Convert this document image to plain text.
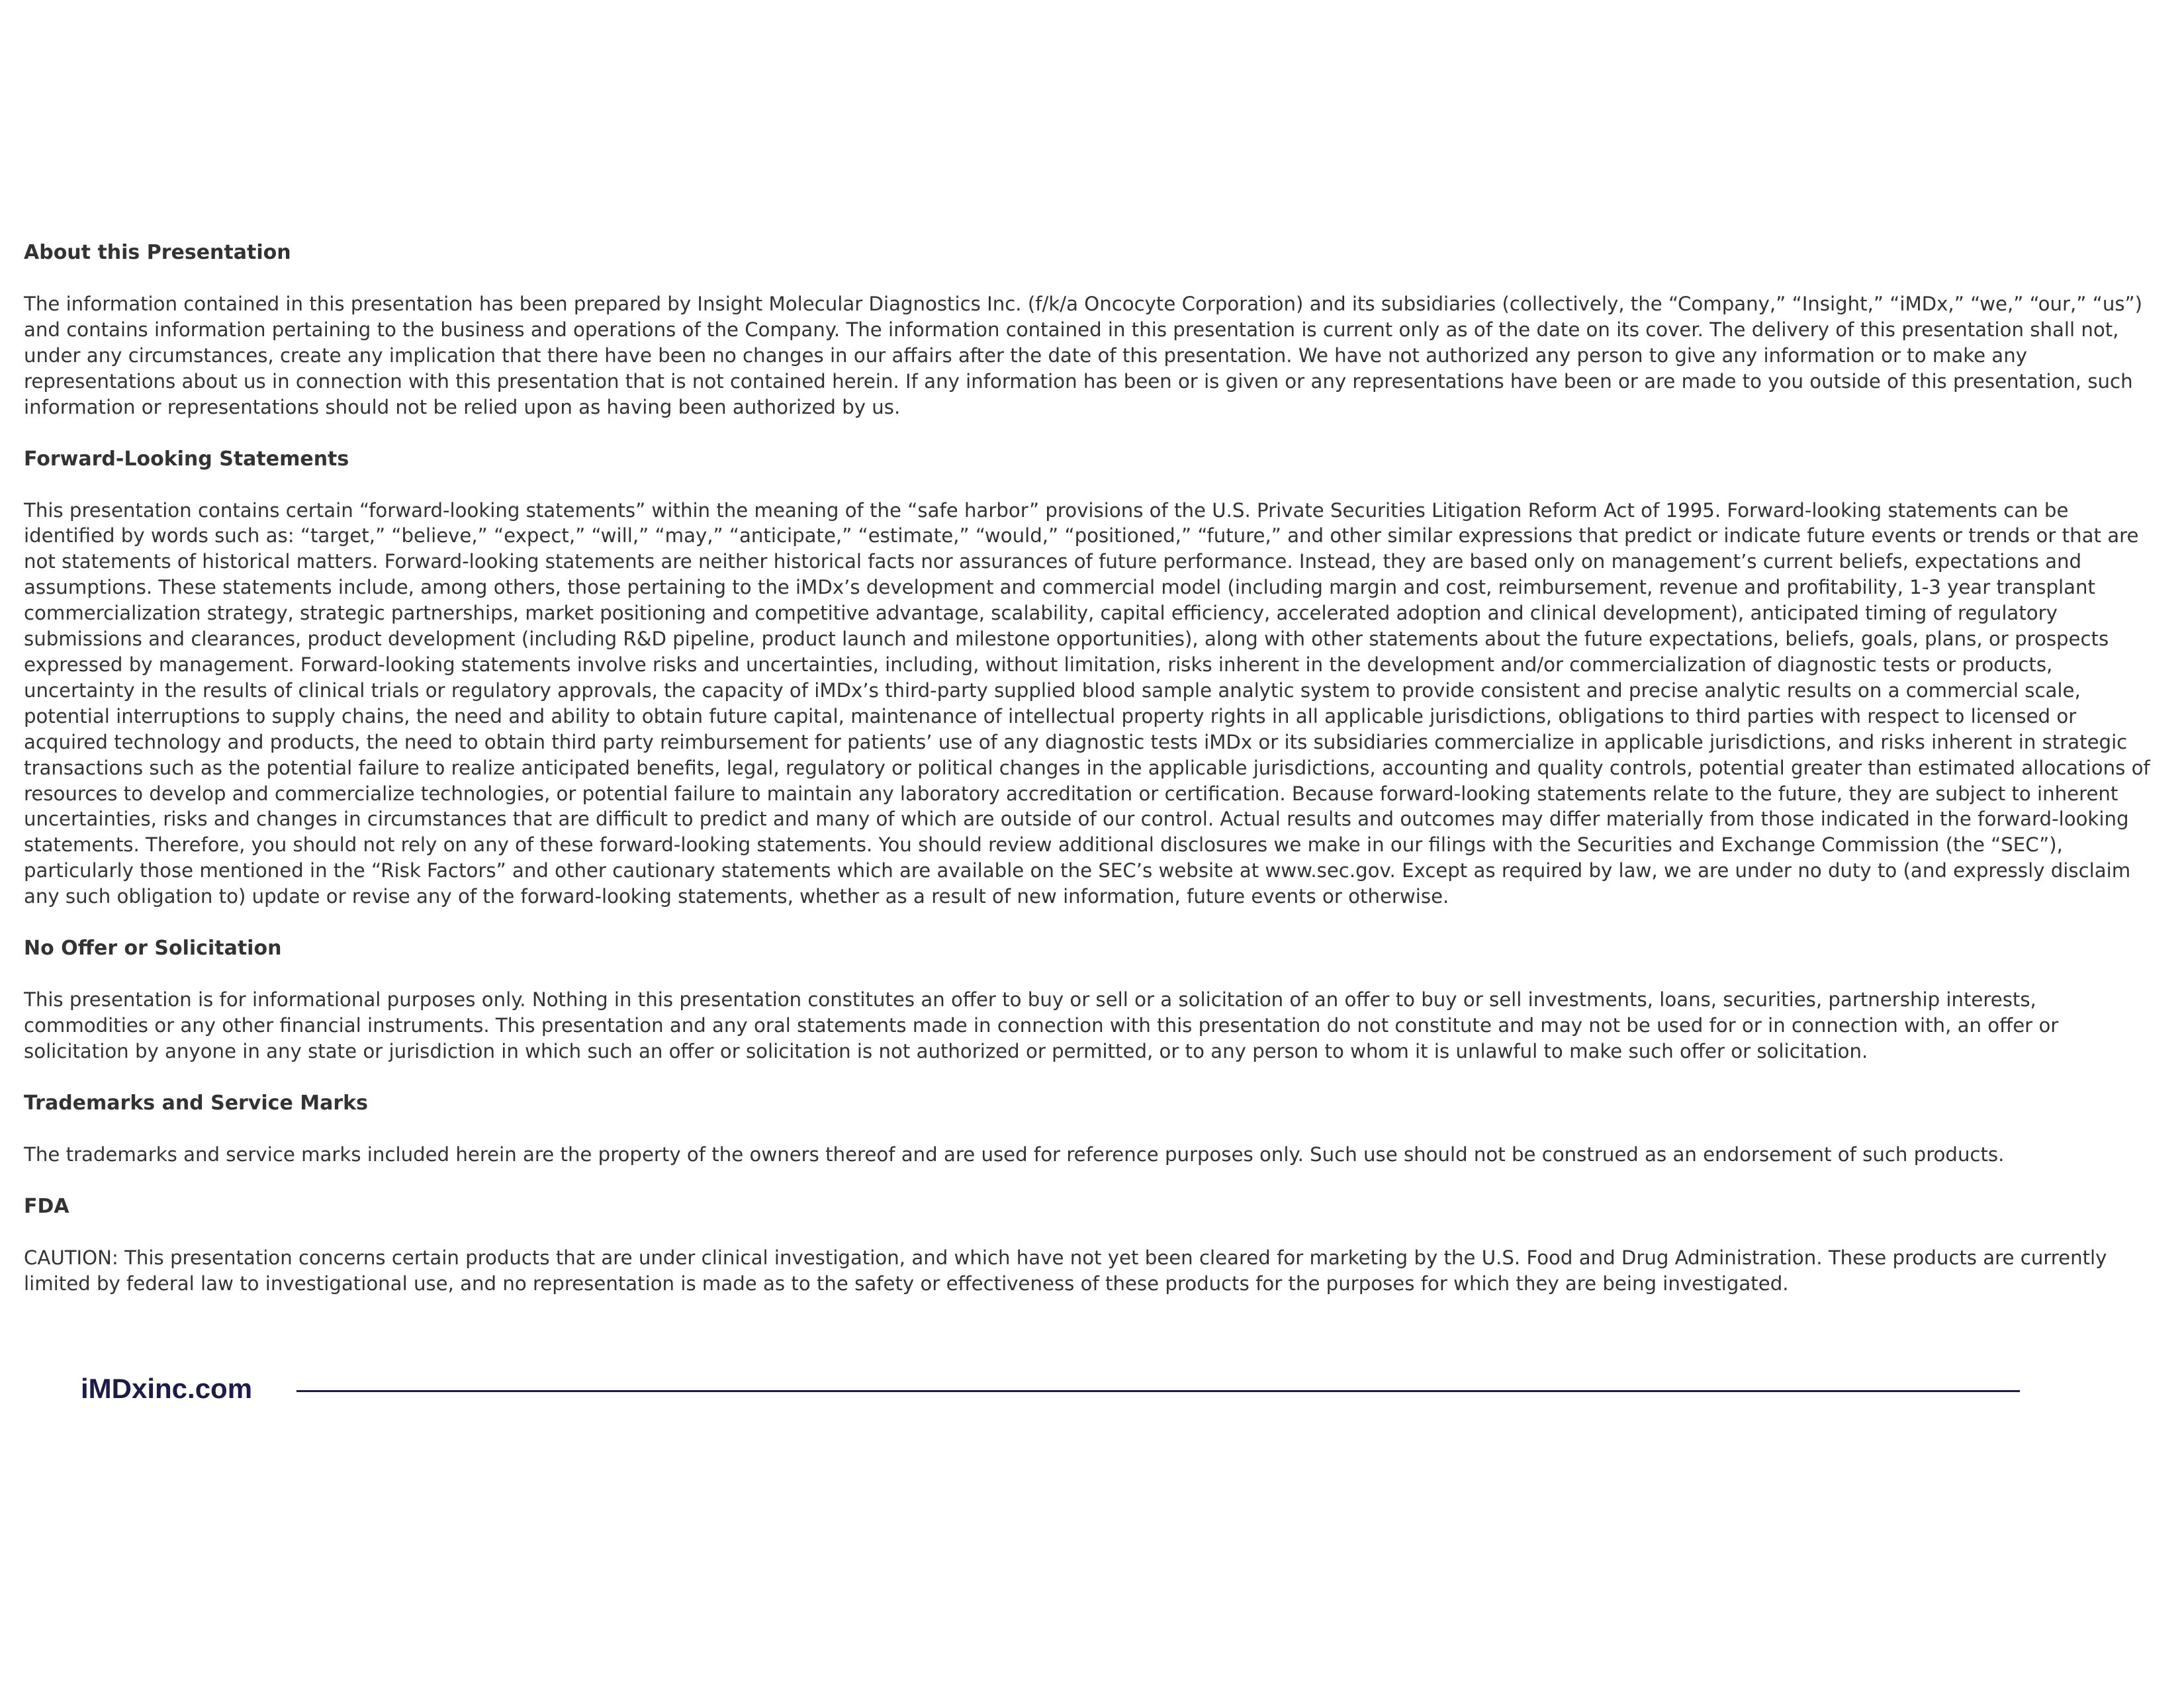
About this Presentation
The information contained in this presentation has been prepared by Insight Molecular Diagnostics Inc. (f/k/a Oncocyte Corporation) and its subsidiaries (collectively, the “Company,” “Insight,” “iMDx,” “we,” “our,” “us”) and contains information pertaining to the business and operations of the Company. The information contained in this presentation is current only as of the date on its cover. The delivery of this presentation shall not, under any circumstances, create any implication that there have been no changes in our affairs after the date of this presentation. We have not authorized any person to give any information or to make any representations about us in connection with this presentation that is not contained herein. If any information has been or is given or any representations have been or are made to you outside of this presentation, such information or representations should not be relied upon as having been authorized by us.
Forward-Looking Statements
This presentation contains certain “forward-looking statements” within the meaning of the “safe harbor” provisions of the U.S. Private Securities Litigation Reform Act of 1995. Forward-looking statements can be identified by words such as: “target,” “believe,” “expect,” “will,” “may,” “anticipate,” “estimate,” “would,” “positioned,” “future,” and other similar expressions that predict or indicate future events or trends or that are not statements of historical matters. Forward-looking statements are neither historical facts nor assurances of future performance. Instead, they are based only on management’s current beliefs, expectations and assumptions. These statements include, among others, those pertaining to the iMDx’s development and commercial model (including margin and cost, reimbursement, revenue and profitability, 1-3 year transplant commercialization strategy, strategic partnerships, market positioning and competitive advantage, scalability, capital efficiency, accelerated adoption and clinical development), anticipated timing of regulatory submissions and clearances, product development (including R&D pipeline, product launch and milestone opportunities), along with other statements about the future expectations, beliefs, goals, plans, or prospects expressed by management. Forward-looking statements involve risks and uncertainties, including, without limitation, risks inherent in the development and/or commercialization of diagnostic tests or products, uncertainty in the results of clinical trials or regulatory approvals, the capacity of iMDx’s third-party supplied blood sample analytic system to provide consistent and precise analytic results on a commercial scale, potential interruptions to supply chains, the need and ability to obtain future capital, maintenance of intellectual property rights in all applicable jurisdictions, obligations to third parties with respect to licensed or acquired technology and products, the need to obtain third party reimbursement for patients’ use of any diagnostic tests iMDx or its subsidiaries commercialize in applicable jurisdictions, and risks inherent in strategic transactions such as the potential failure to realize anticipated benefits, legal, regulatory or political changes in the applicable jurisdictions, accounting and quality controls, potential greater than estimated allocations of resources to develop and commercialize technologies, or potential failure to maintain any laboratory accreditation or certification. Because forward-looking statements relate to the future, they are subject to inherent uncertainties, risks and changes in circumstances that are difficult to predict and many of which are outside of our control. Actual results and outcomes may differ materially from those indicated in the forward-looking statements. Therefore, you should not rely on any of these forward-looking statements. You should review additional disclosures we make in our filings with the Securities and Exchange Commission (the “SEC”), particularly those mentioned in the “Risk Factors” and other cautionary statements which are available on the SEC’s website at www.sec.gov. Except as required by law, we are under no duty to (and expressly disclaim any such obligation to) update or revise any of the forward-looking statements, whether as a result of new information, future events or otherwise.
No Offer or Solicitation
This presentation is for informational purposes only. Nothing in this presentation constitutes an offer to buy or sell or a solicitation of an offer to buy or sell investments, loans, securities, partnership interests, commodities or any other financial instruments. This presentation and any oral statements made in connection with this presentation do not constitute and may not be used for or in connection with, an offer or solicitation by anyone in any state or jurisdiction in which such an offer or solicitation is not authorized or permitted, or to any person to whom it is unlawful to make such offer or solicitation.
Trademarks and Service Marks
The trademarks and service marks included herein are the property of the owners thereof and are used for reference purposes only. Such use should not be construed as an endorsement of such products.
FDA
CAUTION: This presentation concerns certain products that are under clinical investigation, and which have not yet been cleared for marketing by the U.S. Food and Drug Administration. These products are currently limited by federal law to investigational use, and no representation is made as to the safety or effectiveness of these products for the purposes for which they are being investigated.
iMDxinc.com
